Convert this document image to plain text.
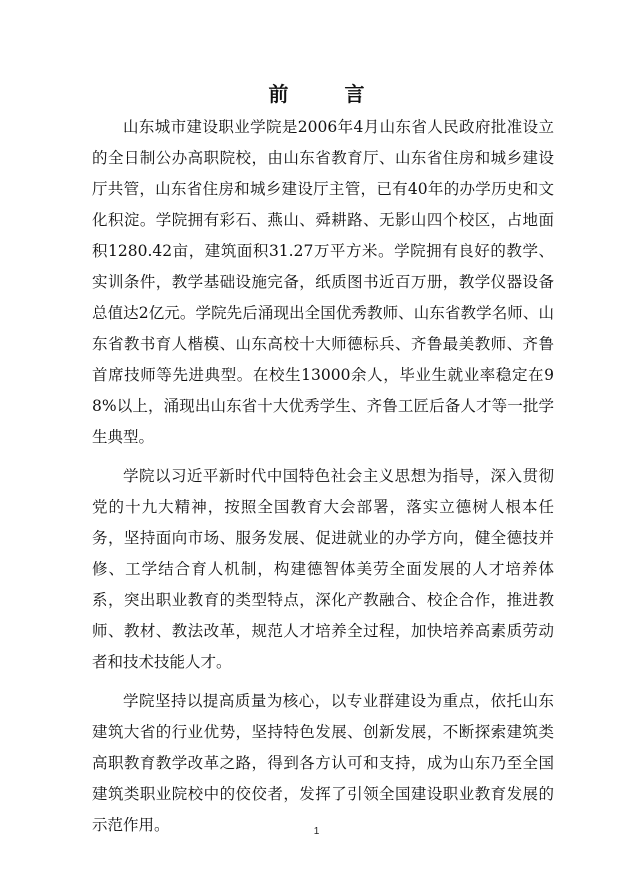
前　言

山东城市建设职业学院是2006年4月山东省人民政府批准设立的全日制公办高职院校，由山东省教育厅、山东省住房和城乡建设厅共管，山东省住房和城乡建设厅主管，已有40年的办学历史和文化积淀。学院拥有彩石、燕山、舜耕路、无影山四个校区，占地面积1280.42亩，建筑面积31.27万平方米。学院拥有良好的教学、实训条件，教学基础设施完备，纸质图书近百万册，教学仪器设备总值达2亿元。学院先后涌现出全国优秀教师、山东省教学名师、山东省教书育人楷模、山东高校十大师德标兵、齐鲁最美教师、齐鲁首席技师等先进典型。在校生13000余人，毕业生就业率稳定在98%以上，涌现出山东省十大优秀学生、齐鲁工匠后备人才等一批学生典型。

学院以习近平新时代中国特色社会主义思想为指导，深入贯彻党的十九大精神，按照全国教育大会部署，落实立德树人根本任务，坚持面向市场、服务发展、促进就业的办学方向，健全德技并修、工学结合育人机制，构建德智体美劳全面发展的人才培养体系，突出职业教育的类型特点，深化产教融合、校企合作，推进教师、教材、教法改革，规范人才培养全过程，加快培养高素质劳动者和技术技能人才。

学院坚持以提高质量为核心，以专业群建设为重点，依托山东建筑大省的行业优势，坚持特色发展、创新发展，不断探索建筑类高职教育教学改革之路，得到各方认可和支持，成为山东乃至全国建筑类职业院校中的佼佼者，发挥了引领全国建设职业教育发展的示范作用。	1
